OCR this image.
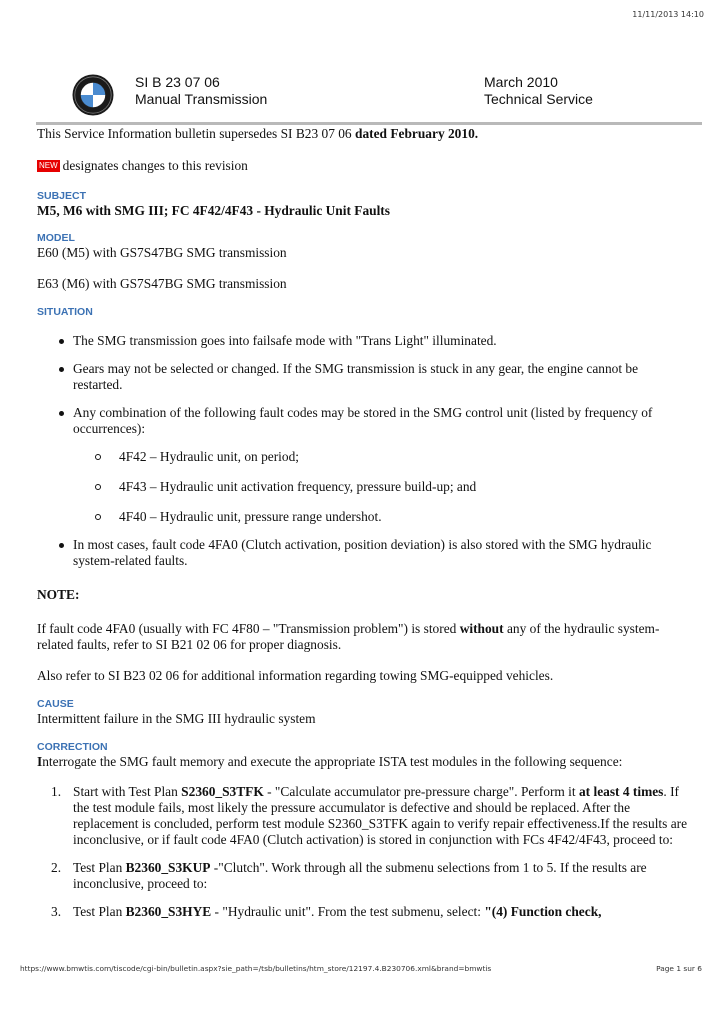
11/11/2013 14:10
SI B 23 07 06
Manual Transmission
March 2010
Technical Service

This Service Information bulletin supersedes SI B23 07 06 dated February 2010.

NEW designates changes to this revision

SUBJECT

M5, M6 with SMG III; FC 4F42/4F43 - Hydraulic Unit Faults

MODEL

E60 (M5) with GS7S47BG SMG transmission

E63 (M6) with GS7S47BG SMG transmission

SITUATION
The SMG transmission goes into failsafe mode with "Trans Light" illuminated.
Gears may not be selected or changed. If the SMG transmission is stuck in any gear, the engine cannot be restarted.
Any combination of the following fault codes may be stored in the SMG control unit (listed by frequency of occurrences):
4F42 – Hydraulic unit, on period;
4F43 – Hydraulic unit activation frequency, pressure build-up; and
4F40 – Hydraulic unit, pressure range undershot.
In most cases, fault code 4FA0 (Clutch activation, position deviation) is also stored with the SMG hydraulic system-related faults.

NOTE:

If fault code 4FA0 (usually with FC 4F80 – "Transmission problem") is stored without any of the hydraulic system-related faults, refer to SI B21 02 06 for proper diagnosis.

Also refer to SI B23 02 06 for additional information regarding towing SMG-equipped vehicles.

CAUSE

Intermittent failure in the SMG III hydraulic system

CORRECTION

Interrogate the SMG fault memory and execute the appropriate ISTA test modules in the following sequence:

1. Start with Test Plan S2360_S3TFK - "Calculate accumulator pre-pressure charge". Perform it at least 4 times. If the test module fails, most likely the pressure accumulator is defective and should be replaced. After the replacement is concluded, perform test module S2360_S3TFK again to verify repair effectiveness.If the results are inconclusive, or if fault code 4FA0 (Clutch activation) is stored in conjunction with FCs 4F42/4F43, proceed to:
2. Test Plan B2360_S3KUP -"Clutch". Work through all the submenu selections from 1 to 5. If the results are inconclusive, proceed to:
3. Test Plan B2360_S3HYE - "Hydraulic unit". From the test submenu, select: "(4) Function check,
https://www.bmwtis.com/tiscode/cgi-bin/bulletin.aspx?sie_path=/tsb/bulletins/htm_store/12197.4.B230706.xml&brand=bmwtis	Page 1 sur 6
